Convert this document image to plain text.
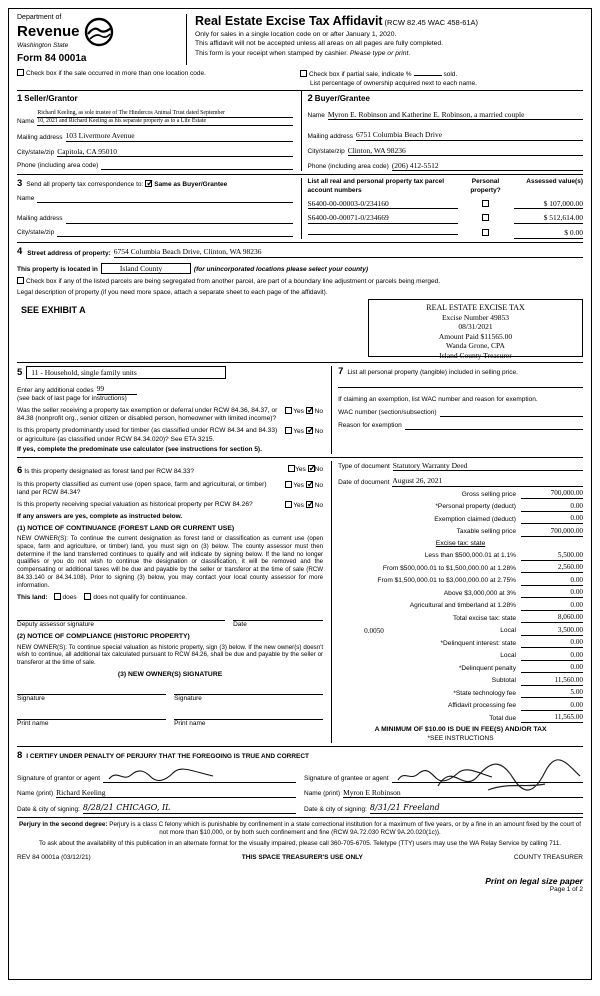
Department of
Revenue
Washington State
Form 84 0001a
Real Estate Excise Tax Affidavit (RCW 82.45 WAC 458-61A)
Only for sales in a single location code on or after January 1, 2020.
This affidavit will not be accepted unless all areas on all pages are fully completed.
This form is your receipt when stamped by cashier. Please type or print.
Check box if the sale occurred in more than one location code.	Check box if partial sale, indicate %	sold.
List percentage of ownership acquired next to each name.
1 Seller/Grantor
Name
Richard Keeling, as sole trustee of The Hindercos Animal Trust dated September
10, 2021 and Richard Keeling as his separate property as to a Life Estate
Mailing address 103 Livermore Avenue
City/state/zip Capitola, CA 95010
Phone (including area code)
2 Buyer/Grantee
Name Myron E. Robinson and Katherine E. Robinson, a married couple
Mailing address 6751 Columbia Beach Drive
City/state/zip Clinton, WA 98236
Phone (including area code) (206) 412-5512
3 Send all property tax correspondence to: ✓ Same as Buyer/Grantee
Name
Mailing address
City/state/zip
List all real and personal property tax parcel account numbers
Personal property?
Assessed value(s)
S6400-00-00003-0/234160	$ 107,000.00
S6400-00-00071-0/234669	$ 512,614.00
$ 0.00
4 Street address of property: 6754 Columbia Beach Drive, Clinton, WA 98236
This property is located in	Island County	(for unincorporated locations please select your county)
Check box if any of the listed parcels are being segregated from another parcel, are part of a boundary line adjustment or parcels being merged.
Legal description of property (if you need more space, attach a separate sheet to each page of the affidavit).
SEE EXHIBIT A	REAL ESTATE EXCISE TAX
Excise Number 49853
08/31/2021
Amount Paid $11565.00
Wanda Grone, CPA
Island County Treasurer
5 11 - Household, single family units
Enter any additional codes 99
(see back of last page for instructions)
Was the seller receiving a property tax exemption or deferral under RCW 84.36, 84.37, or 84.38 (nonprofit org., senior citizen or disabled person, homeowner with limited income)?
Yes ✓ No
Is this property predominantly used for timber (as classified under RCW 84.34 and 84.33) or agriculture (as classified under RCW 84.34.020)? See ETA 3215.
Yes ✓ No
If yes, complete the predominate use calculator (see instructions for section 5).
7 List all personal property (tangible) included in selling price.
If claiming an exemption, list WAC number and reason for exemption.
WAC number (section/subsection)
Reason for exemption
6 Is this property designated as forest land per RCW 84.33?	Yes ✓ No
Is this property classified as current use (open space, farm and agricultural, or timber) land per RCW 84.34?
Yes ✓ No
Is this property receiving special valuation as historical property per RCW 84.26?	Yes ✓ No
If any answers are yes, complete as instructed below.
(1) NOTICE OF CONTINUANCE (FOREST LAND OR CURRENT USE)
NEW OWNER(S): To continue the current designation as forest land or classification as current use (open space, farm and agriculture, or timber) land, you must sign on (3) below. The county assessor must then determine if the land transferred continues to qualify and will indicate by signing below. If the land no longer qualifies or you do not wish to continue the designation or classification, it will be removed and the compensating or additional taxes will be due and payable by the seller or transferor at the time of sale (RCW 84.33.140 or 84.34.108). Prior to signing (3) below, you may contact your local county assessor for more information.
This land: does	does not qualify for continuance.
Deputy assessor signature	Date
(2) NOTICE OF COMPLIANCE (HISTORIC PROPERTY)
NEW OWNER(S): To continue special valuation as historic property, sign (3) below. If the new owner(s) doesn't wish to continue, all additional tax calculated pursuant to RCW 84.26, shall be due and payable by the seller or transferor at the time of sale.
(3) NEW OWNER(S) SIGNATURE
Signature	Signature
Print name	Print name
Type of document Statutory Warranty Deed
Date of document August 26, 2021
Gross selling price	700,000.00
*Personal property (deduct)	0.00
Exemption claimed (deduct)	0.00
Taxable selling price	700,000.00
Excise tax: state
Less than $500,000.01 at 1.1%	5,500.00
From $500,000.01 to $1,500,000.00 at 1.28%	2,560.00
From $1,500,000.01 to $3,000,000.00 at 2.75%	0.00
Above $3,000,000 at 3%	0.00
Agricultural and timberland at 1.28%	0.00
Total excise tax: state	8,060.00
0.0050	Local	3,500.00
*Delinquent interest: state	0.00
Local	0.00
*Delinquent penalty	0.00
Subtotal	11,560.00
*State technology fee	5.00
Affidavit processing fee	0.00
Total due	11,565.00
A MINIMUM OF $10.00 IS DUE IN FEE(S) AND/OR TAX
*SEE INSTRUCTIONS
8 I CERTIFY UNDER PENALTY OF PERJURY THAT THE FOREGOING IS TRUE AND CORRECT
Signature of grantor or agent
Name (print) Richard Keeling
Date & city of signing: 8/28/21 CHICAGO, IL
Signature of grantee or agent
Name (print) Myron E Robinson
Date & city of signing: 8/31/21 Freeland
Perjury in the second degree: Perjury is a class C felony which is punishable by confinement in a state correctional institution for a maximum of five years, or by a fine in an amount fixed by the court of not more than $10,000, or by both such confinement and fine (RCW 9A.72.030 RCW 9A.20.020(1c)).
To ask about the availability of this publication in an alternate format for the visually impaired, please call 360-705-6705. Teletype (TTY) users may use the WA Relay Service by calling 711.
REV 84 0001a (03/12/21)	THIS SPACE TREASURER'S USE ONLY	COUNTY TREASURER
Print on legal size paper
Page 1 of 2
